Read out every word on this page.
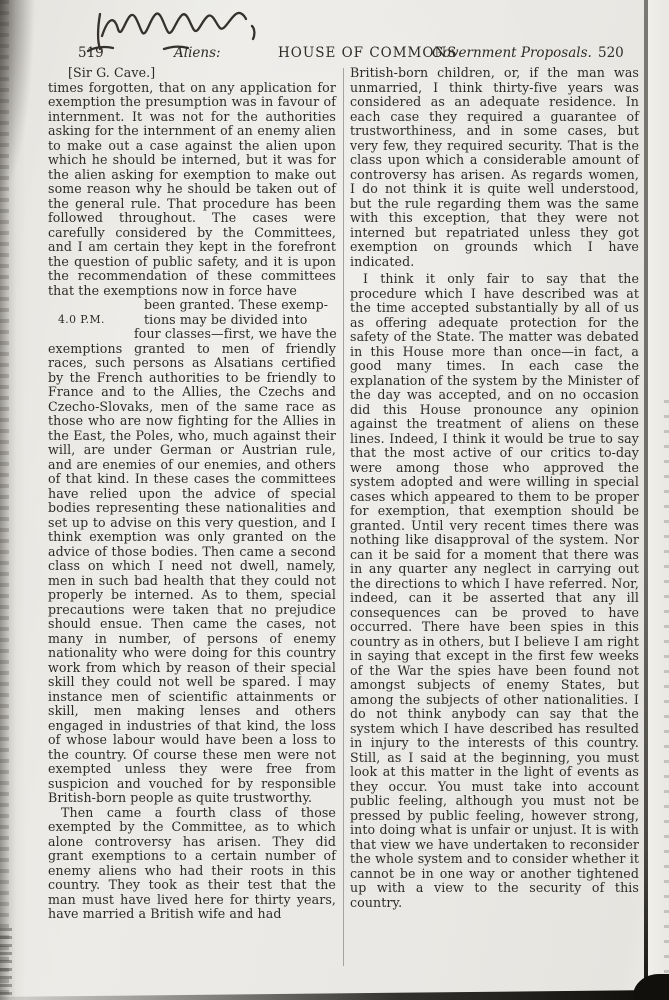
519	Aliens:	HOUSE OF COMMONS
Government Proposals. 520

[Sir G. Cave.]

times forgotten, that on any application for exemption the presumption was in favour of internment. It was not for the authorities asking for the internment of an enemy alien to make out a case against the alien upon which he should be interned, but it was for the alien asking for exemption to make out some reason why he should be taken out of the general rule. That procedure has been followed throughout. The cases were carefully considered by the Committees, and I am certain they kept in the forefront the question of public safety, and it is upon the recommendation of these committees that the exemptions now in force have

4.0 P.M.
been granted. These exemp-
tions may be divided into
four classes—first, we have the

exemptions granted to men of friendly races, such persons as Alsatians certified by the French authorities to be friendly to France and to the Allies, the Czechs and Czecho-Slovaks, men of the same race as those who are now fighting for the Allies in the East, the Poles, who, much against their will, are under German or Austrian rule, and are enemies of our enemies, and others of that kind. In these cases the committees have relied upon the advice of special bodies representing these nationalities and set up to advise on this very question, and I think exemption was only granted on the advice of those bodies. Then came a second class on which I need not dwell, namely, men in such bad health that they could not properly be interned. As to them, special precautions were taken that no prejudice should ensue. Then came the cases, not many in number, of persons of enemy nationality who were doing for this country work from which by reason of their special skill they could not well be spared. I may instance men of scientific attainments or skill, men making lenses and others engaged in industries of that kind, the loss of whose labour would have been a loss to the country. Of course these men were not exempted unless they were free from suspicion and vouched for by responsible British-born people as quite trustworthy.

Then came a fourth class of those exempted by the Committee, as to which alone controversy has arisen. They did grant exemptions to a certain number of enemy aliens who had their roots in this country. They took as their test that the man must have lived here for thirty years, have married a British wife and had

British-born children, or, if the man was unmarried, I think thirty-five years was considered as an adequate residence. In each case they required a guarantee of trustworthiness, and in some cases, but very few, they required security. That is the class upon which a considerable amount of controversy has arisen. As regards women, I do not think it is quite well understood, but the rule regarding them was the same with this exception, that they were not interned but repatriated unless they got exemption on grounds which I have indicated.

I think it only fair to say that the procedure which I have described was at the time accepted substantially by all of us as offering adequate protection for the safety of the State. The matter was debated in this House more than once—in fact, a good many times. In each case the explanation of the system by the Minister of the day was accepted, and on no occasion did this House pronounce any opinion against the treatment of aliens on these lines. Indeed, I think it would be true to say that the most active of our critics to-day were among those who approved the system adopted and were willing in special cases which appeared to them to be proper for exemption, that exemption should be granted. Until very recent times there was nothing like disapproval of the system. Nor can it be said for a moment that there was in any quarter any neglect in carrying out the directions to which I have referred. Nor, indeed, can it be asserted that any ill consequences can be proved to have occurred. There have been spies in this country as in others, but I believe I am right in saying that except in the first few weeks of the War the spies have been found not amongst subjects of enemy States, but among the subjects of other nationalities. I do not think anybody can say that the system which I have described has resulted in injury to the interests of this country. Still, as I said at the beginning, you must look at this matter in the light of events as they occur. You must take into account public feeling, although you must not be pressed by public feeling, however strong, into doing what is unfair or unjust. It is with that view we have undertaken to reconsider the whole system and to consider whether it cannot be in one way or another tightened up with a view to the security of this country.
